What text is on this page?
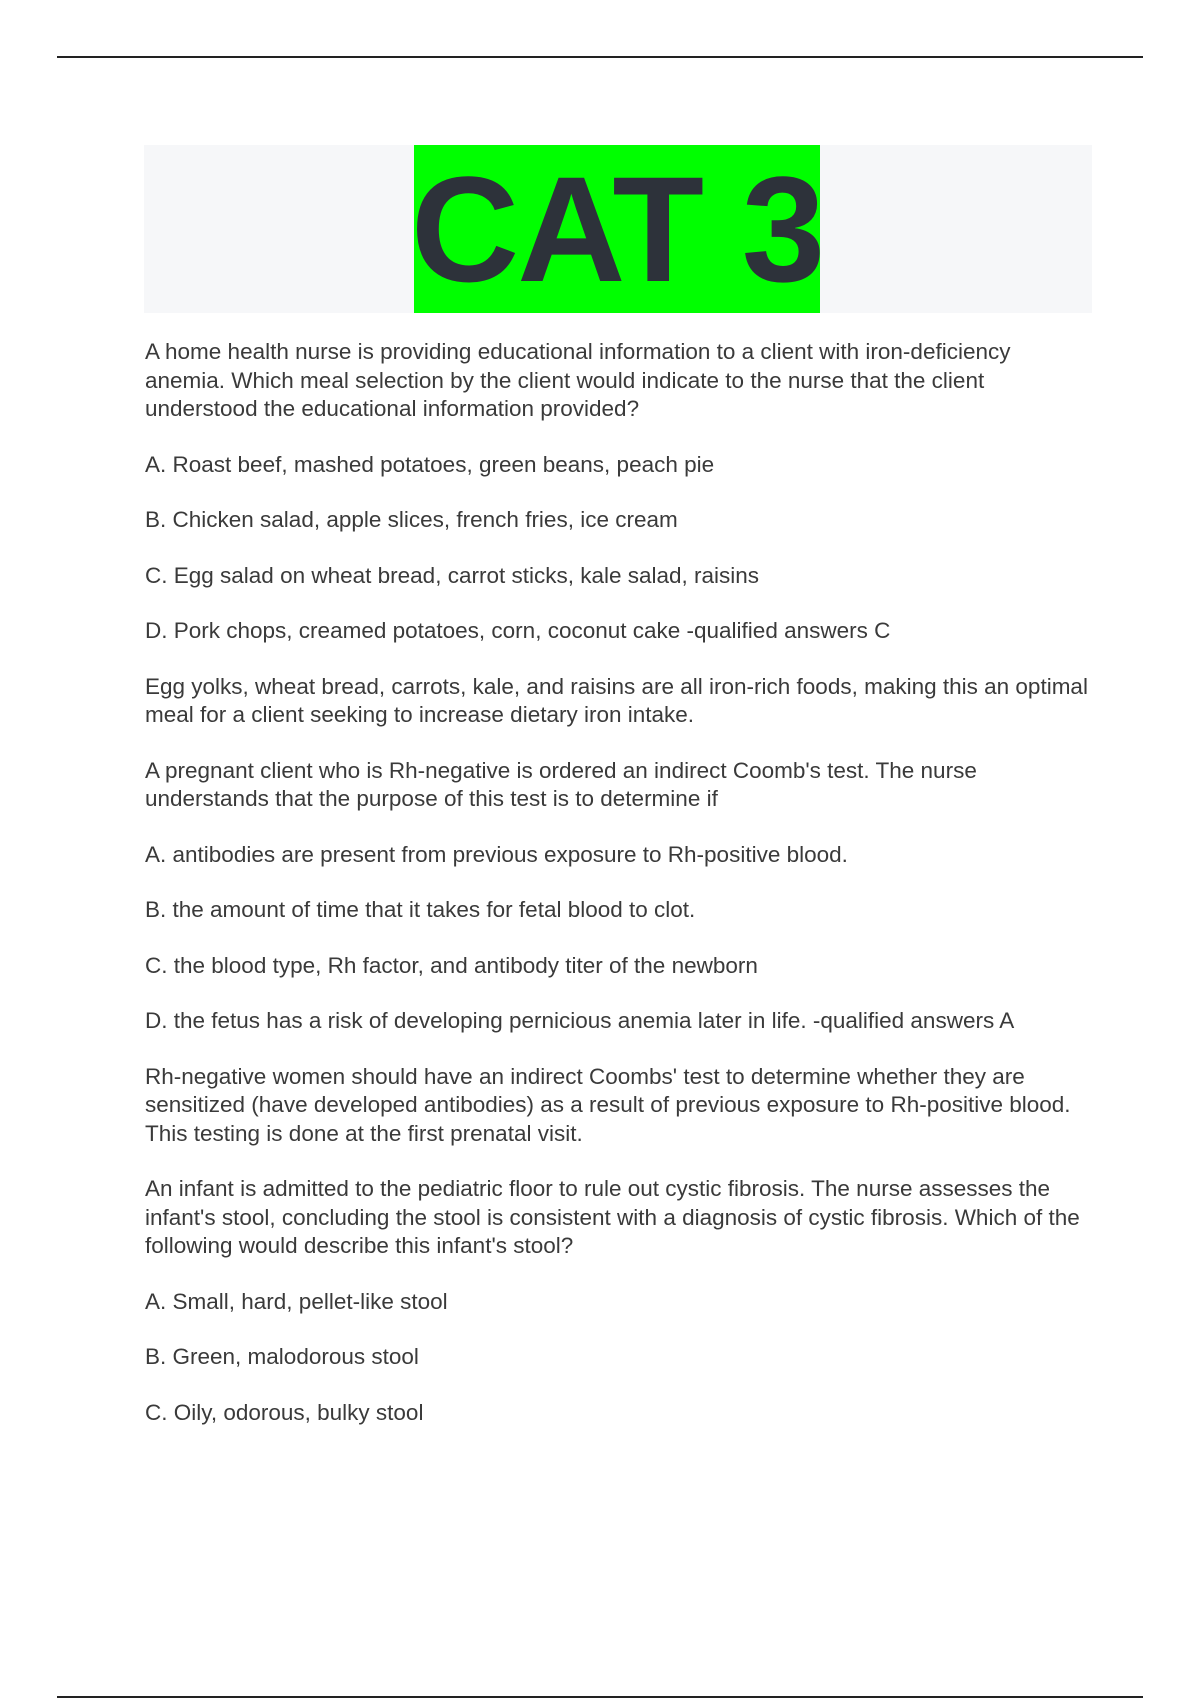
CAT 3

A home health nurse is providing educational information to a client with iron-deficiency anemia. Which meal selection by the client would indicate to the nurse that the client understood the educational information provided?

A. Roast beef, mashed potatoes, green beans, peach pie

B. Chicken salad, apple slices, french fries, ice cream

C. Egg salad on wheat bread, carrot sticks, kale salad, raisins

D. Pork chops, creamed potatoes, corn, coconut cake -qualified answers C

Egg yolks, wheat bread, carrots, kale, and raisins are all iron-rich foods, making this an optimal meal for a client seeking to increase dietary iron intake.

A pregnant client who is Rh-negative is ordered an indirect Coomb's test. The nurse understands that the purpose of this test is to determine if

A. antibodies are present from previous exposure to Rh-positive blood.

B. the amount of time that it takes for fetal blood to clot.

C. the blood type, Rh factor, and antibody titer of the newborn

D. the fetus has a risk of developing pernicious anemia later in life. -qualified answers A

Rh-negative women should have an indirect Coombs' test to determine whether they are sensitized (have developed antibodies) as a result of previous exposure to Rh-positive blood. This testing is done at the first prenatal visit.

An infant is admitted to the pediatric floor to rule out cystic fibrosis. The nurse assesses the infant's stool, concluding the stool is consistent with a diagnosis of cystic fibrosis. Which of the following would describe this infant's stool?

A. Small, hard, pellet-like stool

B. Green, malodorous stool

C. Oily, odorous, bulky stool
